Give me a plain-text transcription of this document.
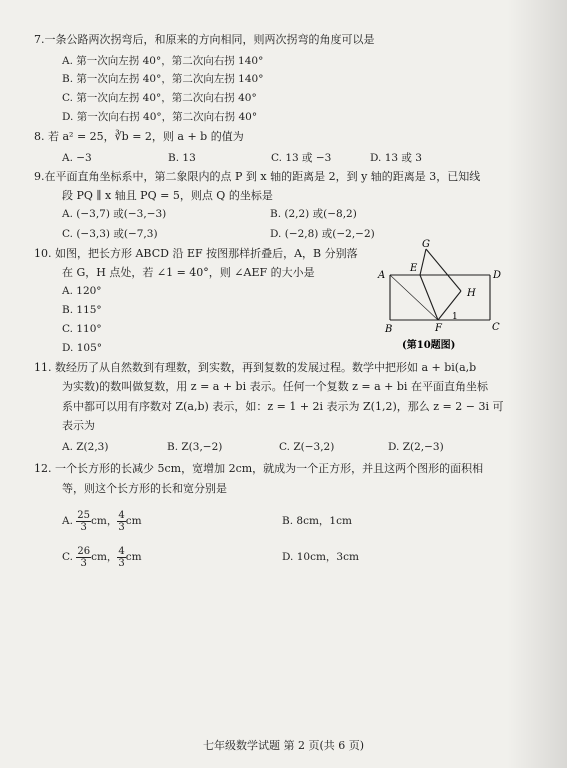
7.一条公路两次拐弯后，和原来的方向相同，则两次拐弯的角度可以是
A. 第一次向左拐 40°，第二次向右拐 140°
B. 第一次向左拐 40°，第二次向左拐 140°
C. 第一次向左拐 40°，第二次向右拐 40°
D. 第一次向右拐 40°，第二次向右拐 40°
8. 若 a² = 25，∛b = 2，则 a + b 的值为
A. −3	B. 13	C. 13 或 −3	D. 13 或 3
9.在平面直角坐标系中，第二象限内的点 P 到 x 轴的距离是 2，到 y 轴的距离是 3，已知线
段 PQ ∥ x 轴且 PQ = 5，则点 Q 的坐标是
A. (−3,7) 或(−3,−3)	B. (2,2) 或(−8,2)
C. (−3,3) 或(−7,3)	D. (−2,8) 或(−2,−2)
10. 如图，把长方形 ABCD 沿 EF 按图那样折叠后，A，B 分别落
在 G，H 点处，若 ∠1 = 40°，则 ∠AEF 的大小是
A. 120°
B. 115°
C. 110°
D. 105°
G
A
E
D
H
B	F	C
1
(第10题图)
11. 数经历了从自然数到有理数，到实数，再到复数的发展过程。数学中把形如 a + bi(a,b
为实数)的数叫做复数，用 z = a + bi 表示。任何一个复数 z = a + bi 在平面直角坐标
系中都可以用有序数对 Z(a,b) 表示，如：z = 1 + 2i 表示为 Z(1,2)，那么 z = 2 − 3i 可
表示为
A. Z(2,3)	B. Z(3,−2)	C. Z(−3,2)	D. Z(2,−3)
12. 一个长方形的长减少 5cm，宽增加 2cm，就成为一个正方形，并且这两个图形的面积相
等，则这个长方形的长和宽分别是
A. $\frac{25}{3}$ cm， $\frac{4}{3}$ cm	B. 8cm，1cm
C. $\frac{26}{3}$ cm， $\frac{4}{3}$ cm	D. 10cm，3cm
七年级数学试题 第 2 页(共 6 页)
